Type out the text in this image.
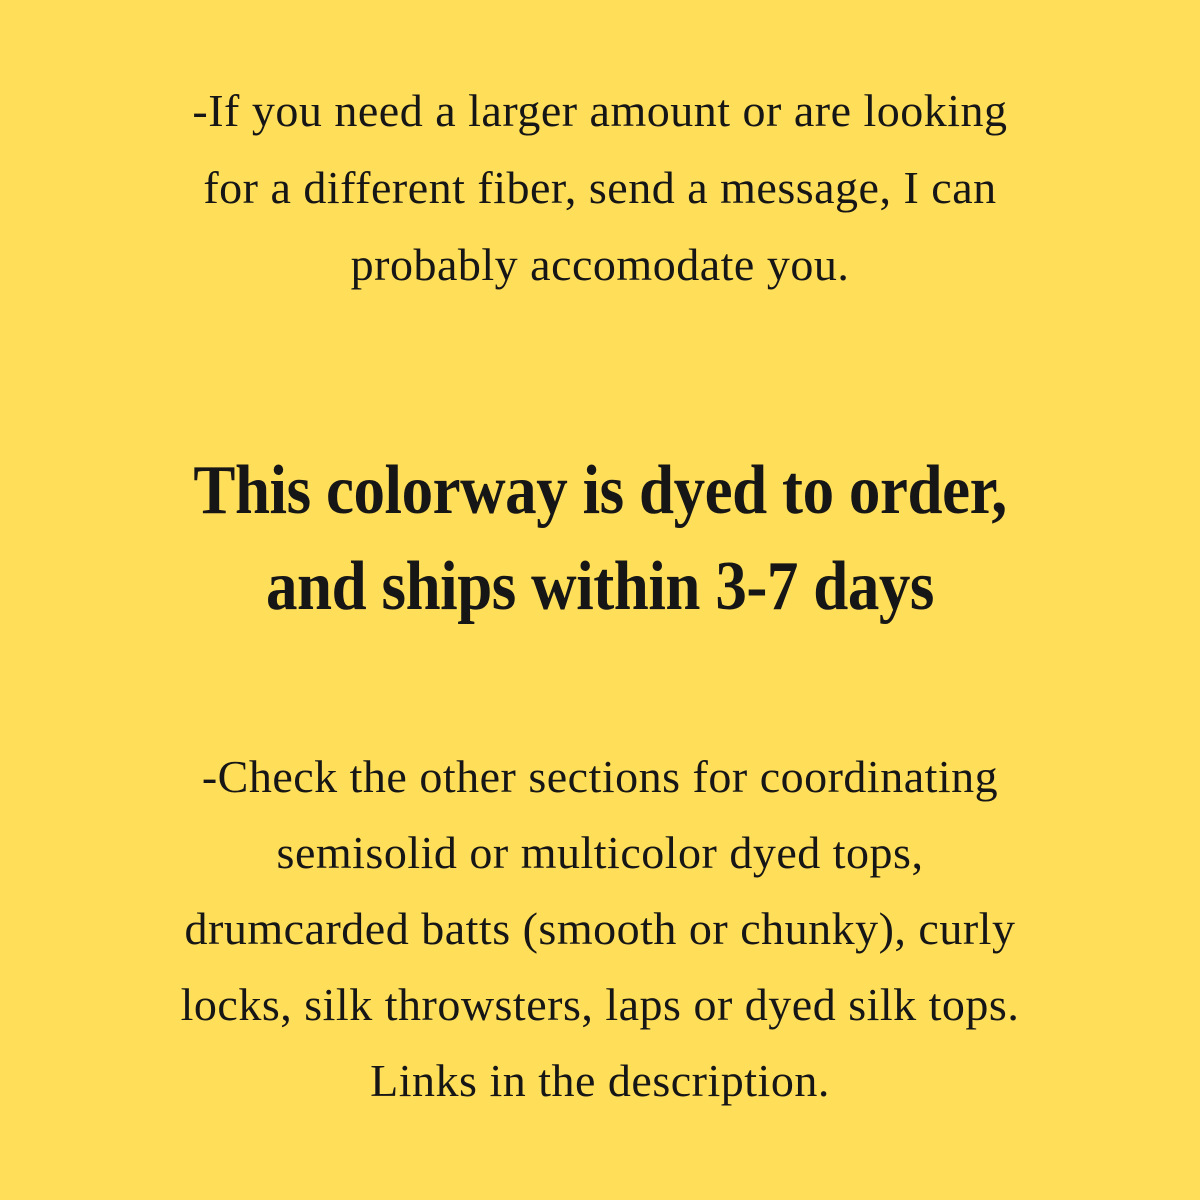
-If you need a larger amount or are looking
for a different fiber, send a message, I can
probably accomodate you.
This colorway is dyed to order,
and ships within 3-7 days
-Check the other sections for coordinating
semisolid or multicolor dyed tops,
drumcarded batts (smooth or chunky), curly
locks, silk throwsters, laps or dyed silk tops.
Links in the description.
